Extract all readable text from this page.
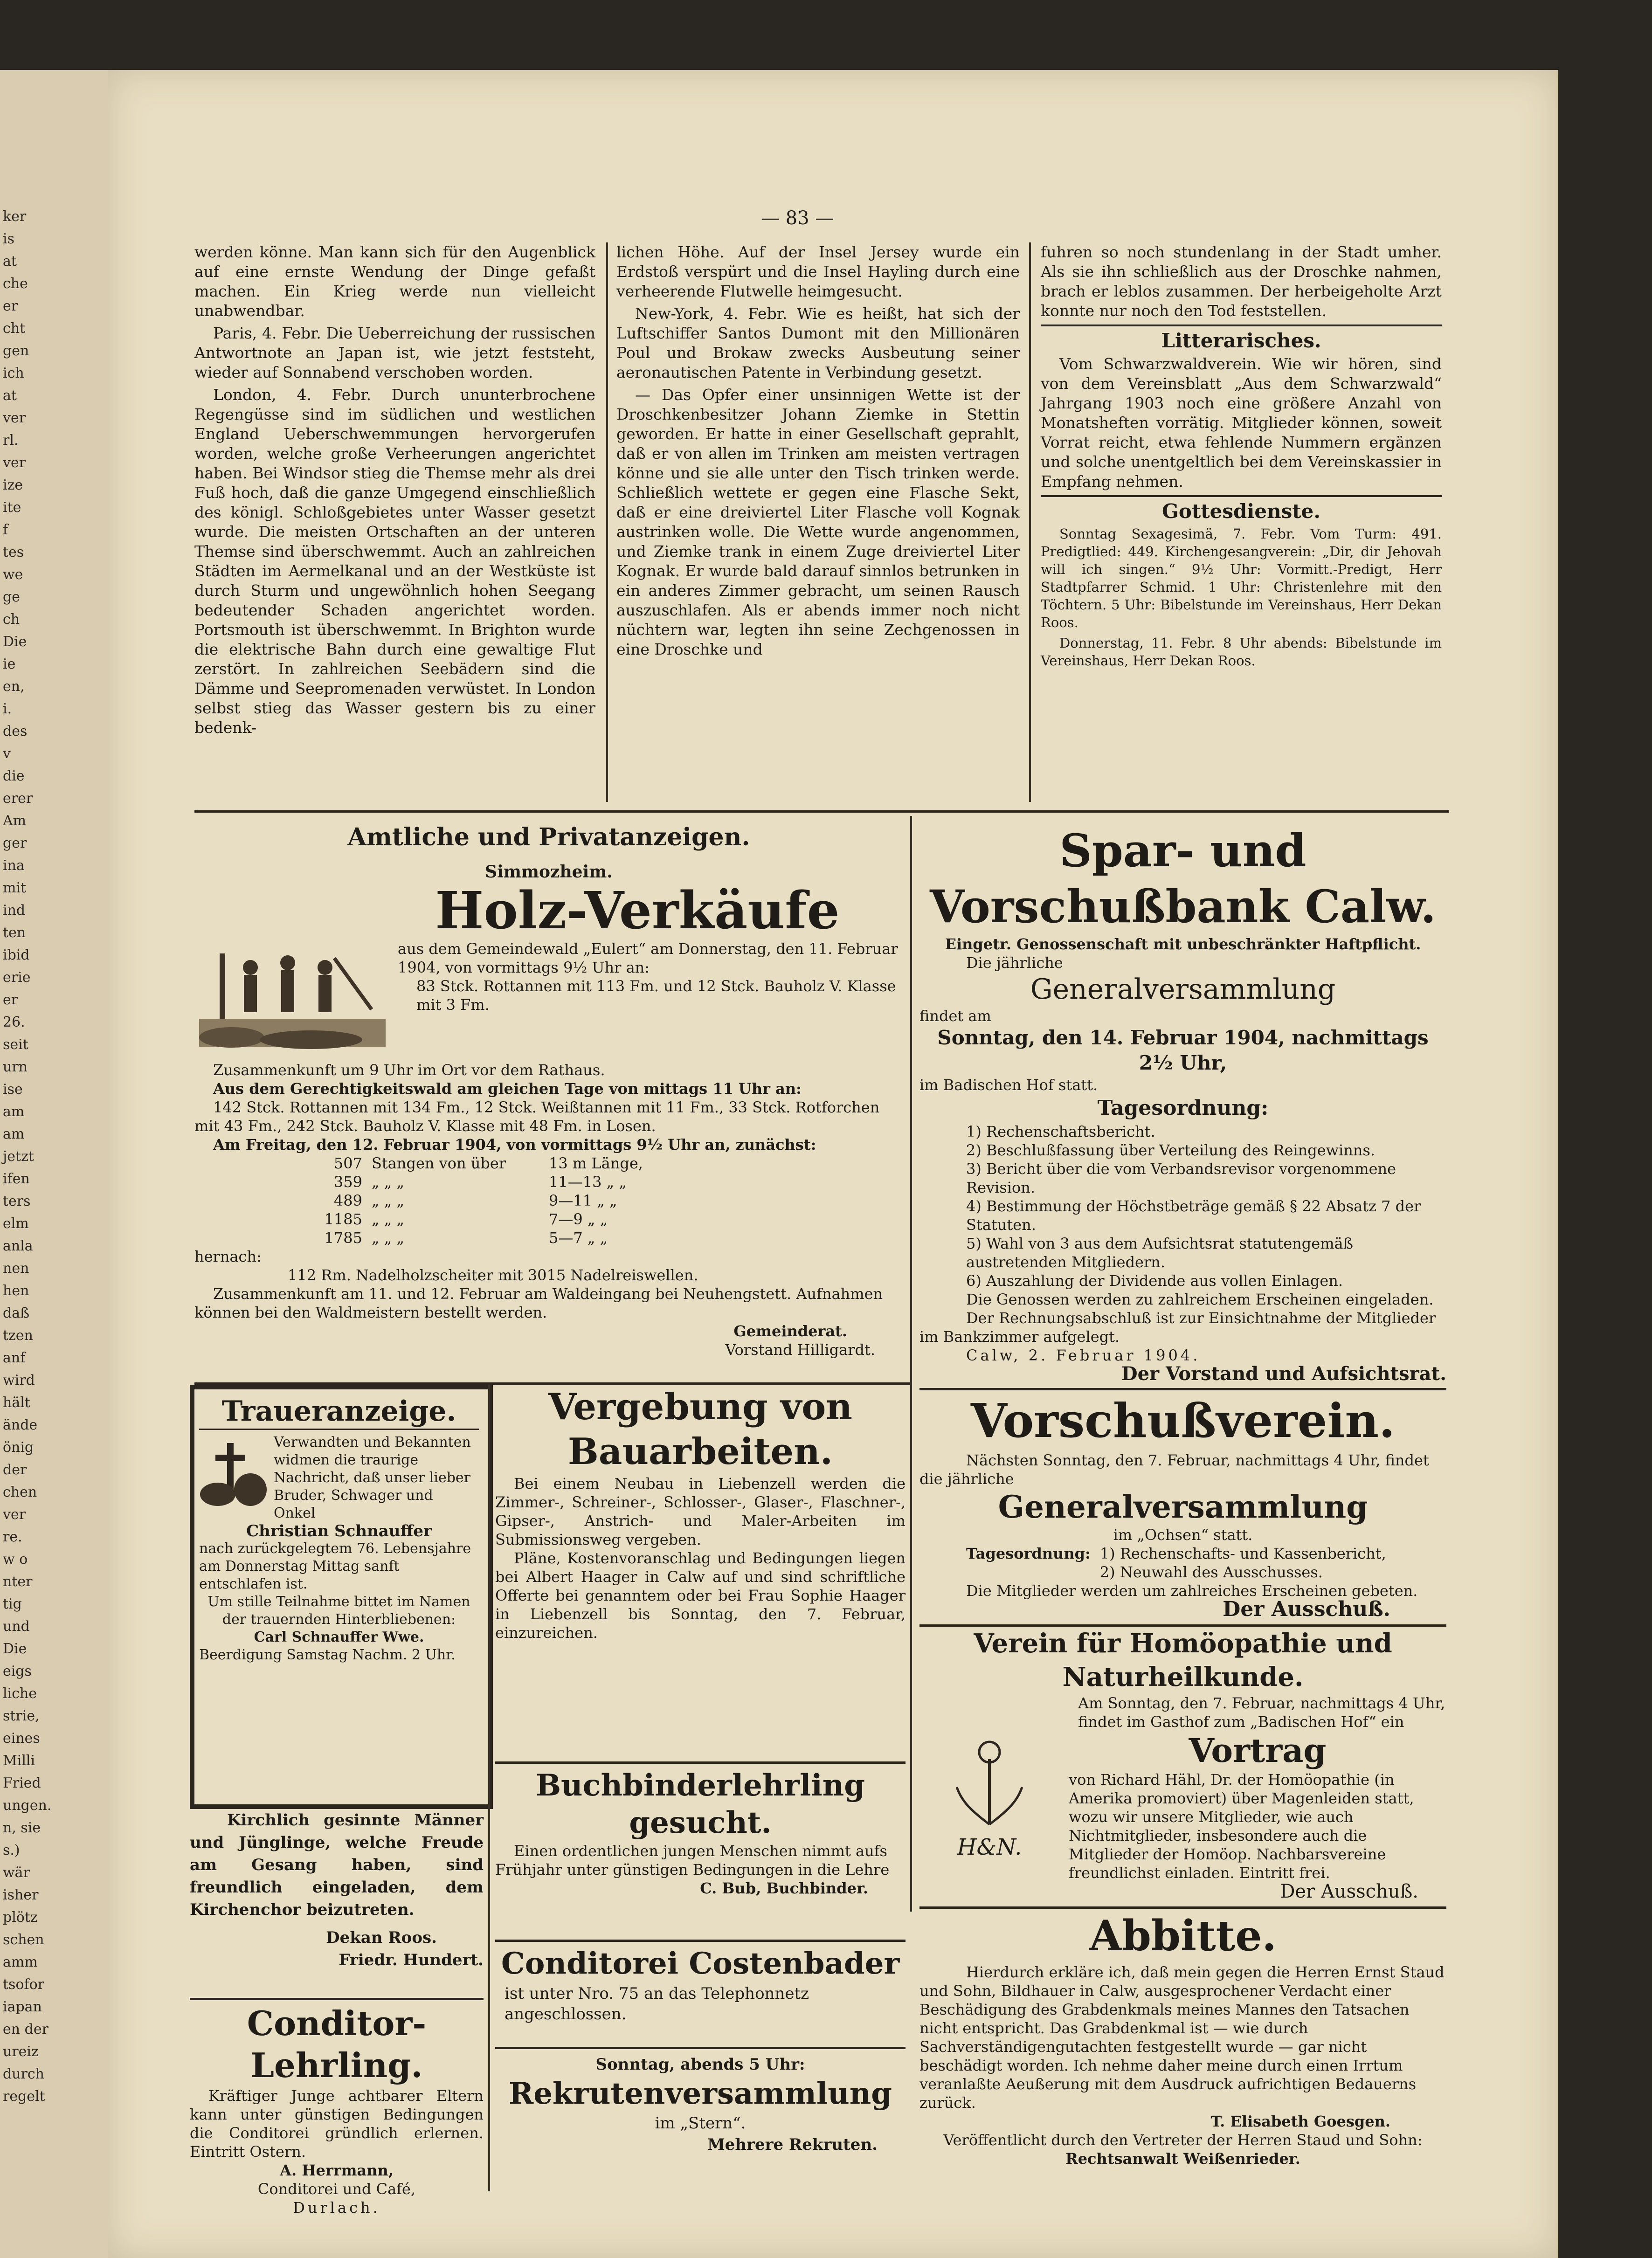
ker
is
at
che
er
cht
gen
ich
at
ver
rl.
ver
ize
ite
f
tes
we
ge
ch
Die
ie
en,
i.
des
v
die
erer
Am
ger
ina
mit
ind
ten
ibid
erie
er
26.
seit
urn
ise
am
am
jetzt
ifen
ters
elm
anla
nen
hen
daß
tzen
anf
wird
hält
ände
önig
der
chen
ver
re.
w o
nter
tig
und
Die
eigs
liche
strie,
eines
Milli
Fried
ungen.
n, sie
s.)
wär
isher
plötz
schen
amm
tsofor
iapan
en der
ureiz
durch
regelt
— 83 —

werden könne. Man kann sich für den Augenblick auf eine ernste Wendung der Dinge gefaßt machen. Ein Krieg werde nun vielleicht unabwendbar.

Paris, 4. Febr. Die Ueberreichung der russischen Antwortnote an Japan ist, wie jetzt feststeht, wieder auf Sonnabend verschoben worden.

London, 4. Febr. Durch ununterbrochene Regengüsse sind im südlichen und westlichen England Ueberschwemmungen hervorgerufen worden, welche große Verheerungen angerichtet haben. Bei Windsor stieg die Themse mehr als drei Fuß hoch, daß die ganze Umgegend einschließlich des königl. Schloßgebietes unter Wasser gesetzt wurde. Die meisten Ortschaften an der unteren Themse sind überschwemmt. Auch an zahlreichen Städten im Aermelkanal und an der Westküste ist durch Sturm und ungewöhnlich hohen Seegang bedeutender Schaden angerichtet worden. Portsmouth ist überschwemmt. In Brighton wurde die elektrische Bahn durch eine gewaltige Flut zerstört. In zahlreichen Seebädern sind die Dämme und Seepromenaden verwüstet. In London selbst stieg das Wasser gestern bis zu einer bedenk-

lichen Höhe. Auf der Insel Jersey wurde ein Erdstoß verspürt und die Insel Hayling durch eine verheerende Flutwelle heimgesucht.

New-York, 4. Febr. Wie es heißt, hat sich der Luftschiffer Santos Dumont mit den Millionären Poul und Brokaw zwecks Ausbeutung seiner aeronautischen Patente in Verbindung gesetzt.

— Das Opfer einer unsinnigen Wette ist der Droschkenbesitzer Johann Ziemke in Stettin geworden. Er hatte in einer Gesellschaft geprahlt, daß er von allen im Trinken am meisten vertragen könne und sie alle unter den Tisch trinken werde. Schließlich wettete er gegen eine Flasche Sekt, daß er eine dreiviertel Liter Flasche voll Kognak austrinken wolle. Die Wette wurde angenommen, und Ziemke trank in einem Zuge dreiviertel Liter Kognak. Er wurde bald darauf sinnlos betrunken in ein anderes Zimmer gebracht, um seinen Rausch auszuschlafen. Als er abends immer noch nicht nüchtern war, legten ihn seine Zechgenossen in eine Droschke und

fuhren so noch stundenlang in der Stadt umher. Als sie ihn schließlich aus der Droschke nahmen, brach er leblos zusammen. Der herbeigeholte Arzt konnte nur noch den Tod feststellen.

Litterarisches.

Vom Schwarzwaldverein. Wie wir hören, sind von dem Vereinsblatt „Aus dem Schwarzwald“ Jahrgang 1903 noch eine größere Anzahl von Monatsheften vorrätig. Mitglieder können, soweit Vorrat reicht, etwa fehlende Nummern ergänzen und solche unentgeltlich bei dem Vereinskassier in Empfang nehmen.

Gottesdienste.

Sonntag Sexagesimä, 7. Febr. Vom Turm: 491. Predigtlied: 449. Kirchengesangverein: „Dir, dir Jehovah will ich singen.“ 9½ Uhr: Vormitt.-Predigt, Herr Stadtpfarrer Schmid. 1 Uhr: Christenlehre mit den Töchtern. 5 Uhr: Bibelstunde im Vereinshaus, Herr Dekan Roos.

Donnerstag, 11. Febr. 8 Uhr abends: Bibelstunde im Vereinshaus, Herr Dekan Roos.

Amtliche und Privatanzeigen.
Simmozheim.
Holz-Verkäufe
aus dem Gemeindewald „Eulert“ am Donnerstag, den 11. Februar 1904, von vormittags 9½ Uhr an:
83 Stck. Rottannen mit 113 Fm. und 12 Stck. Bauholz V. Klasse mit 3 Fm.
Zusammenkunft um 9 Uhr im Ort vor dem Rathaus.
Aus dem Gerechtigkeitswald am gleichen Tage von mittags 11 Uhr an:
142 Stck. Rottannen mit 134 Fm., 12 Stck. Weißtannen mit 11 Fm., 33 Stck. Rotforchen mit 43 Fm., 242 Stck. Bauholz V. Klasse mit 48 Fm. in Losen.
Am Freitag, den 12. Februar 1904, von vormittags 9½ Uhr an, zunächst:
507 Stangen von über	13 m Länge,
359 „ „ „	11—13 „ „
489 „ „ „	9—11 „ „
1185 „ „ „	7—9 „ „
1785 „ „ „	5—7 „ „
hernach:
112 Rm. Nadelholzscheiter mit 3015 Nadelreiswellen.
Zusammenkunft am 11. und 12. Februar am Waldeingang bei Neuhengstett. Aufnahmen können bei den Waldmeistern bestellt werden.
Gemeinderat.
Vorstand Hilligardt.
Spar- und Vorschußbank Calw.
Eingetr. Genossenschaft mit unbeschränkter Haftpflicht.
Die jährliche
Generalversammlung
findet am
Sonntag, den 14. Februar 1904, nachmittags 2½ Uhr,
im Badischen Hof statt.
Tagesordnung:
1) Rechenschaftsbericht.
2) Beschlußfassung über Verteilung des Reingewinns.
3) Bericht über die vom Verbandsrevisor vorgenommene Revision.
4) Bestimmung der Höchstbeträge gemäß § 22 Absatz 7 der Statuten.
5) Wahl von 3 aus dem Aufsichtsrat statutengemäß austretenden Mitgliedern.
6) Auszahlung der Dividende aus vollen Einlagen.
Die Genossen werden zu zahlreichem Erscheinen eingeladen.
Der Rechnungsabschluß ist zur Einsichtnahme der Mitglieder im Bankzimmer aufgelegt.
Calw, 2. Februar 1904.
Der Vorstand und Aufsichtsrat.
Vorschußverein.
Nächsten Sonntag, den 7. Februar, nachmittags 4 Uhr, findet die jährliche
Generalversammlung
im „Ochsen“ statt.
Tagesordnung: 1) Rechenschafts- und Kassenbericht,
2) Neuwahl des Ausschusses.
Die Mitglieder werden um zahlreiches Erscheinen gebeten.
Der Ausschuß.
Verein für Homöopathie und Naturheilkunde.
Am Sonntag, den 7. Februar, nachmittags 4 Uhr, findet im Gasthof zum „Badischen Hof“ ein
H&N.
Vortrag
von Richard Hähl, Dr. der Homöopathie (in Amerika promoviert) über Magenleiden statt, wozu wir unsere Mitglieder, wie auch Nichtmitglieder, insbesondere auch die Mitglieder der Homöop. Nachbarsvereine freundlichst einladen. Eintritt frei.
Der Ausschuß.
Abbitte.
Hierdurch erkläre ich, daß mein gegen die Herren Ernst Staud und Sohn, Bildhauer in Calw, ausgesprochener Verdacht einer Beschädigung des Grabdenkmals meines Mannes den Tatsachen nicht entspricht. Das Grabdenkmal ist — wie durch Sachverständigengutachten festgestellt wurde — gar nicht beschädigt worden. Ich nehme daher meine durch einen Irrtum veranlaßte Aeußerung mit dem Ausdruck aufrichtigen Bedauerns zurück.
T. Elisabeth Goesgen.
Veröffentlicht durch den Vertreter der Herren Staud und Sohn:
Rechtsanwalt Weißenrieder.
Traueranzeige.
Verwandten und Bekannten widmen die traurige Nachricht, daß unser lieber Bruder, Schwager und Onkel
Christian Schnauffer
nach zurückgelegtem 76. Lebensjahre am Donnerstag Mittag sanft entschlafen ist.
Um stille Teilnahme bittet im Namen der trauernden Hinterbliebenen:
Carl Schnauffer Wwe.
Beerdigung Samstag Nachm. 2 Uhr.
Kirchlich gesinnte Männer und Jünglinge, welche Freude am Gesang haben, sind freundlich eingeladen, dem Kirchenchor beizutreten.
Dekan Roos.
Friedr. Hundert.
Conditor-Lehrling.
Kräftiger Junge achtbarer Eltern kann unter günstigen Bedingungen die Conditorei gründlich erlernen. Eintritt Ostern.
A. Herrmann,
Conditorei und Café,
Durlach.
Vergebung von Bauarbeiten.
Bei einem Neubau in Liebenzell werden die Zimmer-, Schreiner-, Schlosser-, Glaser-, Flaschner-, Gipser-, Anstrich- und Maler-Arbeiten im Submissionsweg vergeben.
Pläne, Kostenvoranschlag und Bedingungen liegen bei Albert Haager in Calw auf und sind schriftliche Offerte bei genanntem oder bei Frau Sophie Haager in Liebenzell bis Sonntag, den 7. Februar, einzureichen.
Buchbinderlehrling gesucht.
Einen ordentlichen jungen Menschen nimmt aufs Frühjahr unter günstigen Bedingungen in die Lehre
C. Bub, Buchbinder.
Conditorei Costenbader
ist unter Nro. 75 an das Telephonnetz angeschlossen.
Sonntag, abends 5 Uhr:
Rekrutenversammlung
im „Stern“.
Mehrere Rekruten.
